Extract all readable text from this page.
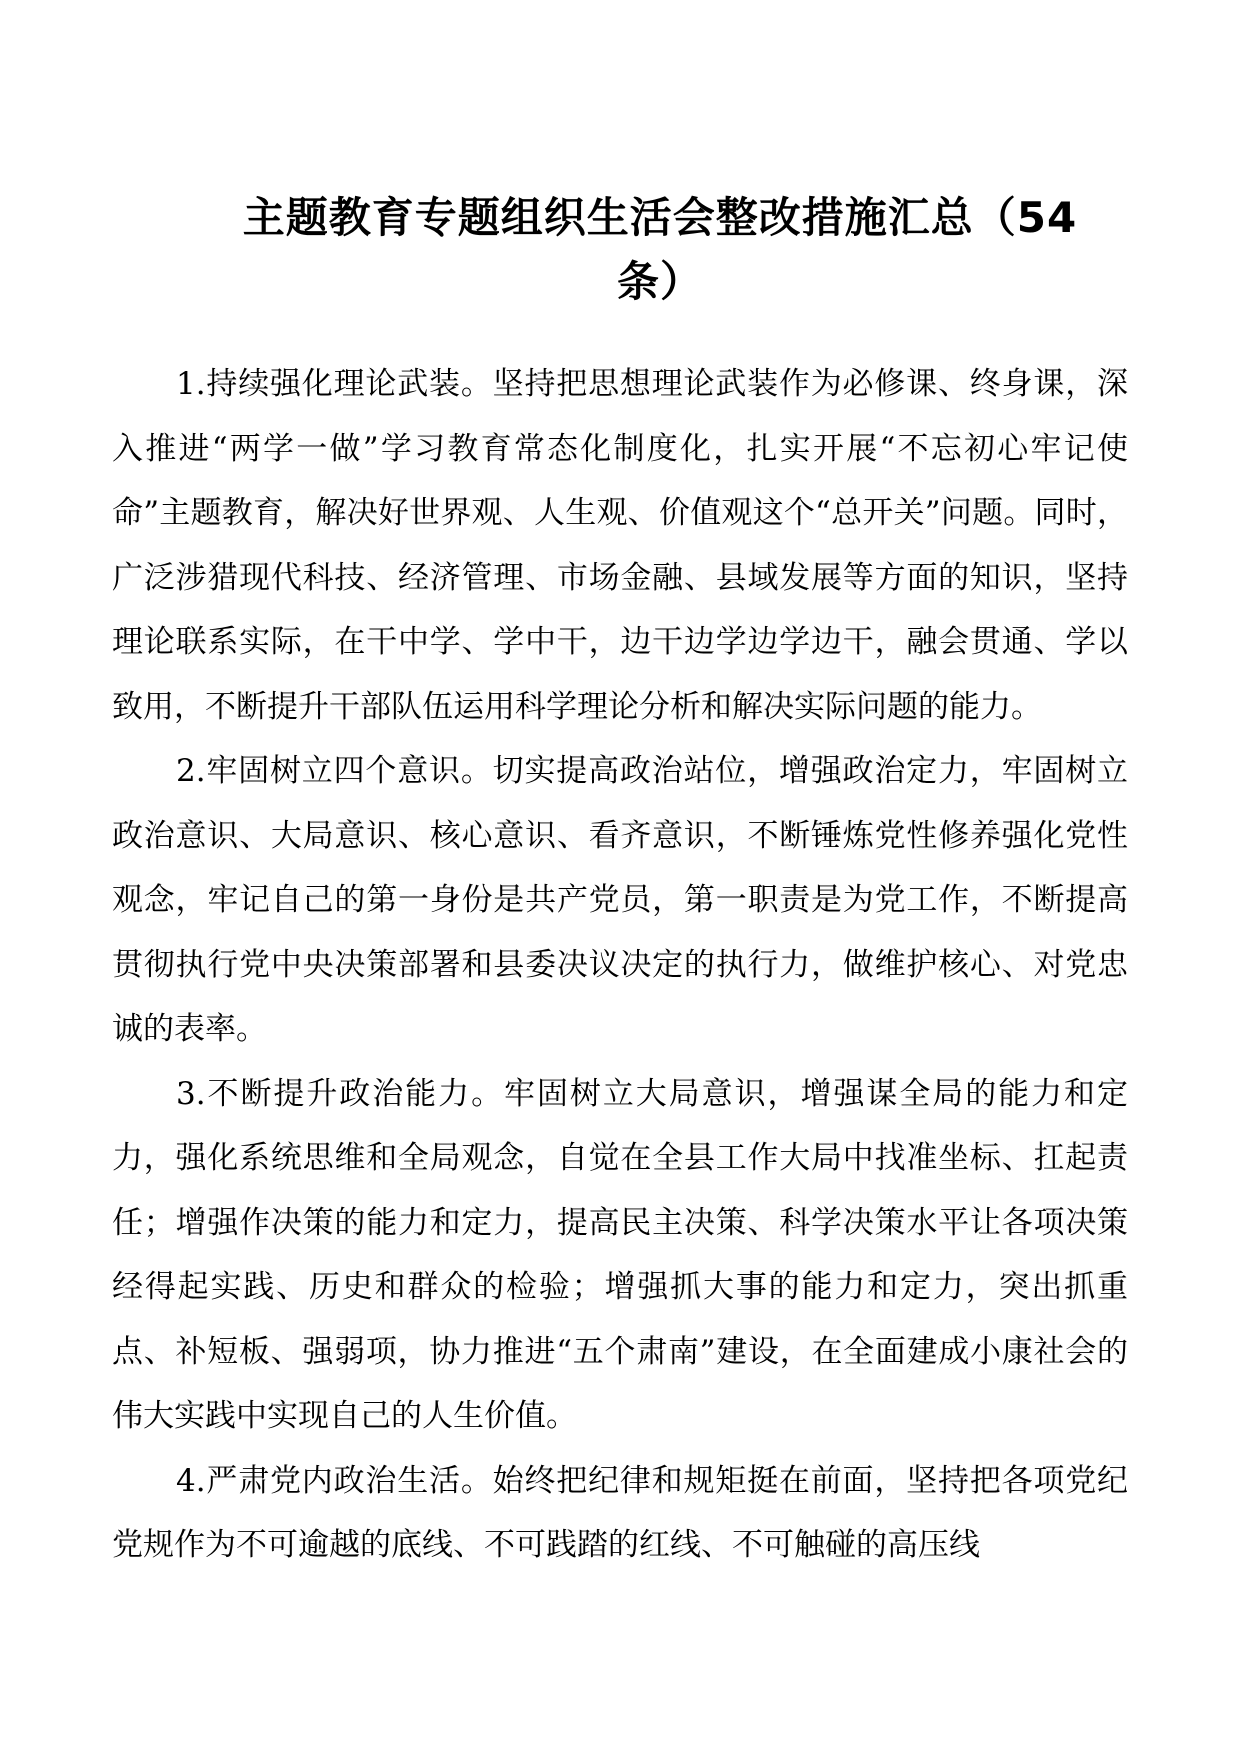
主题教育专题组织生活会整改措施汇总（54
条）

1.持续强化理论武装。坚持把思想理论武装作为必修课、终身课，深入推进“两学一做”学习教育常态化制度化，扎实开展“不忘初心牢记使命”主题教育，解决好世界观、人生观、价值观这个“总开关”问题。同时，广泛涉猎现代科技、经济管理、市场金融、县域发展等方面的知识，坚持理论联系实际，在干中学、学中干，边干边学边学边干，融会贯通、学以致用，不断提升干部队伍运用科学理论分析和解决实际问题的能力。

2.牢固树立四个意识。切实提高政治站位，增强政治定力，牢固树立政治意识、大局意识、核心意识、看齐意识，不断锤炼党性修养强化党性观念，牢记自己的第一身份是共产党员，第一职责是为党工作，不断提高贯彻执行党中央决策部署和县委决议决定的执行力，做维护核心、对党忠诚的表率。

3.不断提升政治能力。牢固树立大局意识，增强谋全局的能力和定力，强化系统思维和全局观念，自觉在全县工作大局中找准坐标、扛起责任；增强作决策的能力和定力，提高民主决策、科学决策水平让各项决策经得起实践、历史和群众的检验；增强抓大事的能力和定力，突出抓重点、补短板、强弱项，协力推进“五个肃南”建设，在全面建成小康社会的伟大实践中实现自己的人生价值。

4.严肃党内政治生活。始终把纪律和规矩挺在前面，坚持把各项党纪党规作为不可逾越的底线、不可践踏的红线、不可触碰的高压线
